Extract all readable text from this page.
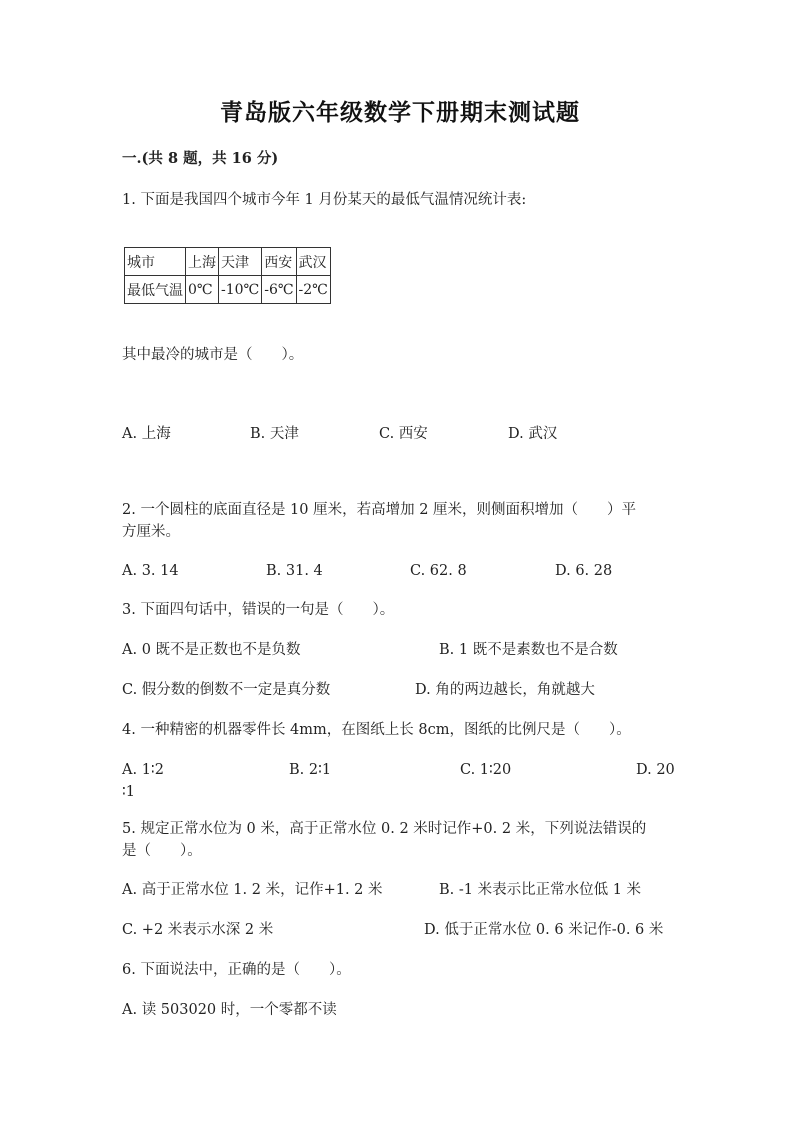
青岛版六年级数学下册期末测试题
一.(共 8 题，共 16 分)
1. 下面是我国四个城市今年 1 月份某天的最低气温情况统计表:
城市	上海	天津	西安	武汉
最低气温	0℃	-10℃	-6℃	-2℃
其中最冷的城市是（　　）。
A. 上海	B. 天津	C. 西安	D. 武汉
2. 一个圆柱的底面直径是 10 厘米，若高增加 2 厘米，则侧面积增加（　　）平
方厘米。
A. 3. 14	B. 31. 4	C. 62. 8	D. 6. 28
3. 下面四句话中，错误的一句是（　　）。
A. 0 既不是正数也不是负数	B. 1 既不是素数也不是合数
C. 假分数的倒数不一定是真分数	D. 角的两边越长，角就越大
4. 一种精密的机器零件长 4mm，在图纸上长 8cm，图纸的比例尺是（　　）。
A. 1∶2	B. 2∶1	C. 1∶20	D. 20
∶1
5. 规定正常水位为 0 米，高于正常水位 0. 2 米时记作+0. 2 米，下列说法错误的
是（　　）。
A. 高于正常水位 1. 2 米，记作+1. 2 米	B. -1 米表示比正常水位低 1 米
C. +2 米表示水深 2 米	D. 低于正常水位 0. 6 米记作-0. 6 米
6. 下面说法中，正确的是（　　）。
A. 读 503020 时，一个零都不读
